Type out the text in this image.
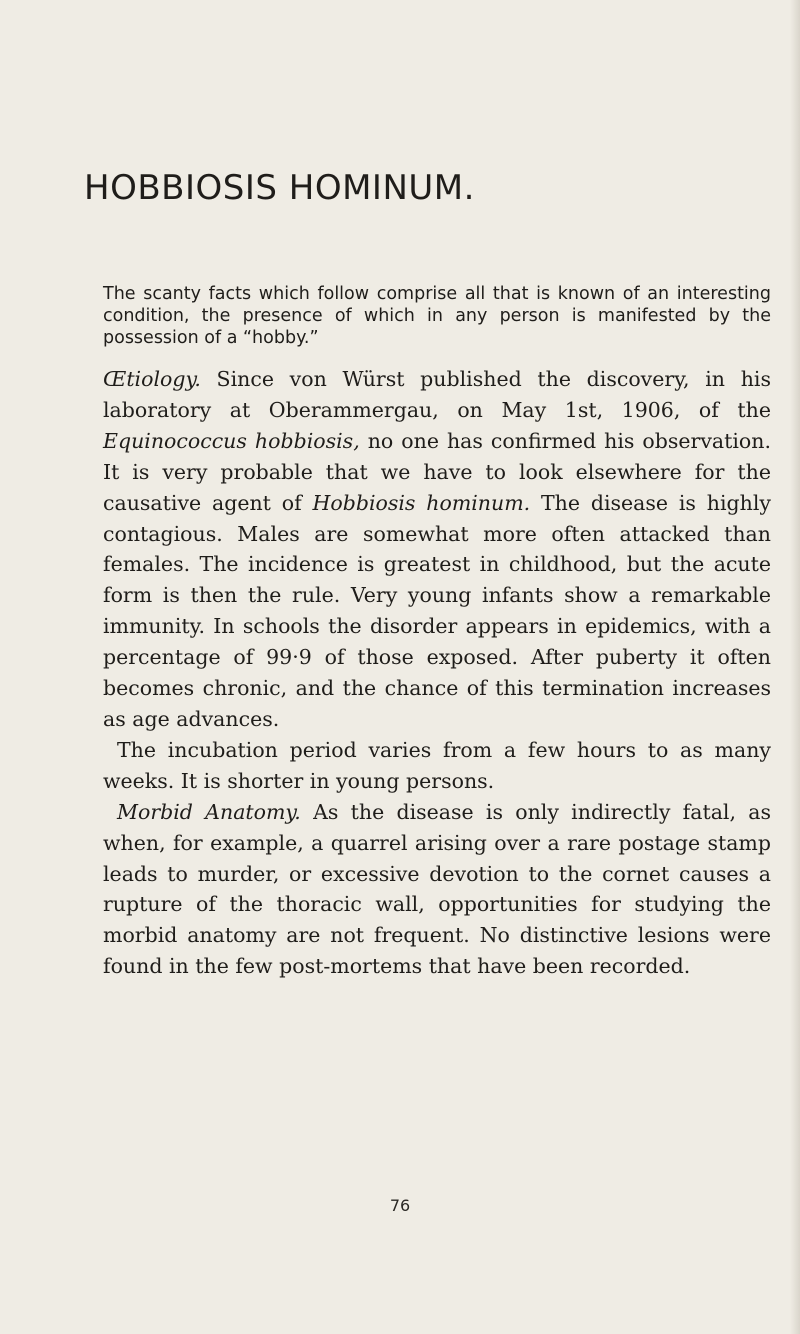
HOBBIOSIS HOMINUM.

The scanty facts which follow comprise all that is known of an interesting condition, the presence of which in any person is manifested by the possession of a “hobby.”

Œtiology. Since von Würst published the discovery, in his laboratory at Oberammergau, on May 1st, 1906, of the Equinococcus hobbiosis, no one has confirmed his observation. It is very probable that we have to look elsewhere for the causative agent of Hobbiosis hominum. The disease is highly contagious. Males are somewhat more often attacked than females. The incidence is greatest in childhood, but the acute form is then the rule. Very young infants show a remarkable immunity. In schools the disorder appears in epidemics, with a percentage of 99·9 of those exposed. After puberty it often becomes chronic, and the chance of this termination increases as age advances.

The incubation period varies from a few hours to as many weeks. It is shorter in young persons.

Morbid Anatomy. As the disease is only indirectly fatal, as when, for example, a quarrel arising over a rare postage stamp leads to murder, or excessive devotion to the cornet causes a rupture of the thoracic wall, opportunities for studying the morbid anatomy are not frequent. No distinctive lesions were found in the few post-mortems that have been recorded.

76
